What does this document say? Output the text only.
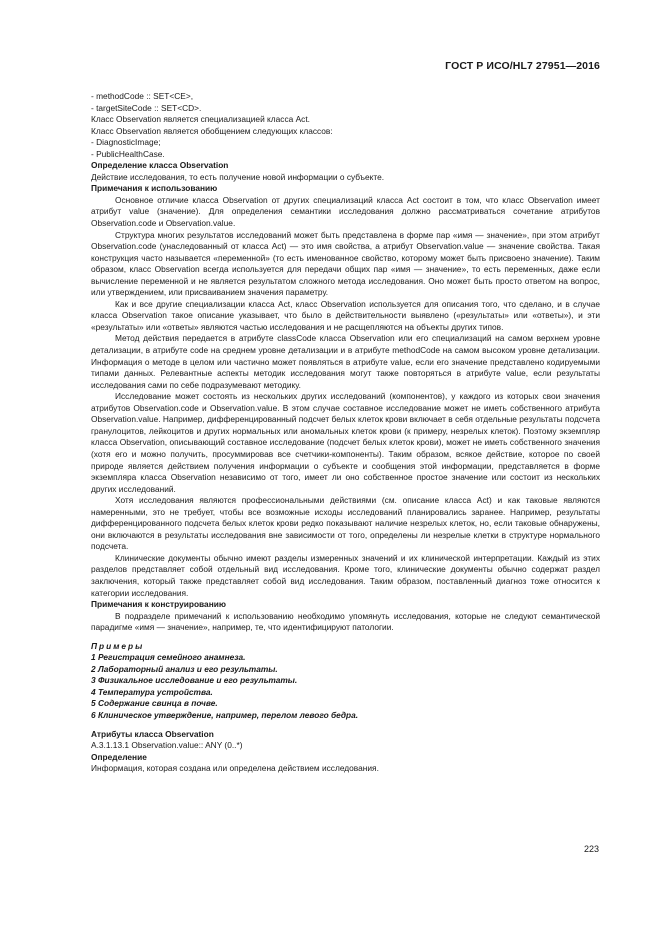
ГОСТ Р ИСО/HL7 27951—2016

- methodCode :: SET<CE>,

- targetSiteCode :: SET<CD>.

Класс Observation является специализацией класса Act.

Класс Observation является обобщением следующих классов:

- DiagnosticImage;

- PublicHealthCase.

Определение класса Observation

Действие исследования, то есть получение новой информации о субъекте.

Примечания к использованию

Основное отличие класса Observation от других специализаций класса Act состоит в том, что класс Observation имеет атрибут value (значение). Для определения семантики исследования должно рассматриваться сочетание атрибутов Observation.code и Observation.value.

Структура многих результатов исследований может быть представлена в форме пар «имя — значение», при этом атрибут Observation.code (унаследованный от класса Act) — это имя свойства, а атрибут Observation.value — значение свойства. Такая конструкция часто называется «переменной» (то есть именованное свойство, которому может быть присвоено значение). Таким образом, класс Observation всегда используется для передачи общих пар «имя — значение», то есть переменных, даже если вычисление переменной и не является результатом сложного метода исследования. Оно может быть просто ответом на вопрос, или утверждением, или присваиванием значения параметру.

Как и все другие специализации класса Act, класс Observation используется для описания того, что сделано, и в случае класса Observation такое описание указывает, что было в действительности выявлено («результаты» или «ответы»), и эти «результаты» или «ответы» являются частью исследования и не расщепляются на объекты других типов.

Метод действия передается в атрибуте classCode класса Observation или его специализаций на самом верхнем уровне детализации, в атрибуте code на среднем уровне детализации и в атрибуте methodCode на самом высоком уровне детализации. Информация о методе в целом или частично может появляться в атрибуте value, если его значение представлено кодируемыми типами данных. Релевантные аспекты методик исследования могут также повторяться в атрибуте value, если результаты исследования сами по себе подразумевают методику.

Исследование может состоять из нескольких других исследований (компонентов), у каждого из которых свои значения атрибутов Observation.code и Observation.value. В этом случае составное исследование может не иметь собственного атрибута Observation.value. Например, дифференцированный подсчет белых клеток крови включает в себя отдельные результаты подсчета гранулоцитов, лейкоцитов и других нормальных или аномальных клеток крови (к примеру, незрелых клеток). Поэтому экземпляр класса Observation, описывающий составное исследование (подсчет белых клеток крови), может не иметь собственного значения (хотя его и можно получить, просуммировав все счетчики-компоненты). Таким образом, всякое действие, которое по своей природе является действием получения информации о субъекте и сообщения этой информации, представляется в форме экземпляра класса Observation независимо от того, имеет ли оно собственное простое значение или состоит из нескольких других исследований.

Хотя исследования являются профессиональными действиями (см. описание класса Act) и как таковые являются намеренными, это не требует, чтобы все возможные исходы исследований планировались заранее. Например, результаты дифференцированного подсчета белых клеток крови редко показывают наличие незрелых клеток, но, если таковые обнаружены, они включаются в результаты исследования вне зависимости от того, определены ли незрелые клетки в структуре нормального подсчета.

Клинические документы обычно имеют разделы измеренных значений и их клинической интерпретации. Каждый из этих разделов представляет собой отдельный вид исследования. Кроме того, клинические документы обычно содержат раздел заключения, который также представляет собой вид исследования. Таким образом, поставленный диагноз тоже относится к категории исследования.

Примечания к конструированию

В подразделе примечаний к использованию необходимо упомянуть исследования, которые не следуют семантической парадигме «имя — значение», например, те, что идентифицируют патологии.

Примеры

1 Регистрация семейного анамнеза.

2 Лабораторный анализ и его результаты.

3 Физикальное исследование и его результаты.

4 Температура устройства.

5 Содержание свинца в почве.

6 Клиническое утверждение, например, перелом левого бедра.

Атрибуты класса Observation

A.3.1.13.1 Observation.value:: ANY (0..*)

Определение

Информация, которая создана или определена действием исследования.

223
